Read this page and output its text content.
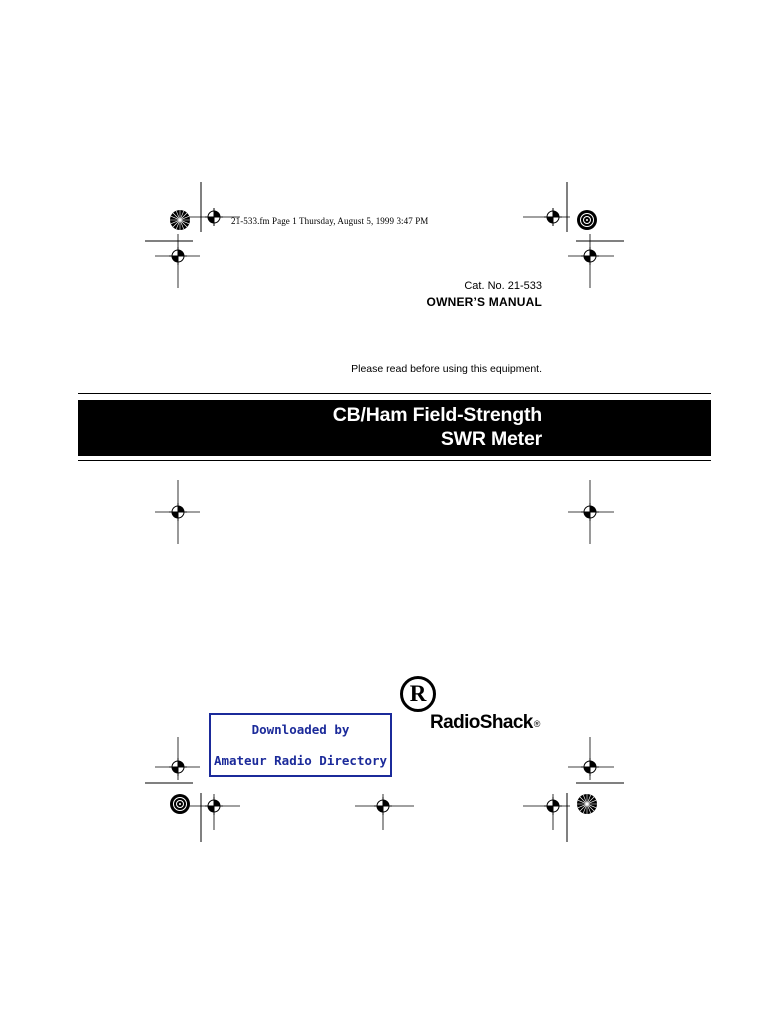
21-533.fm Page 1 Thursday, August 5, 1999 3:47 PM
Cat. No. 21-533
OWNER’S MANUAL
Please read before using this equipment.
CB/Ham Field-Strength
SWR Meter
R
RadioShack®
Downloaded by
Amateur Radio Directory
